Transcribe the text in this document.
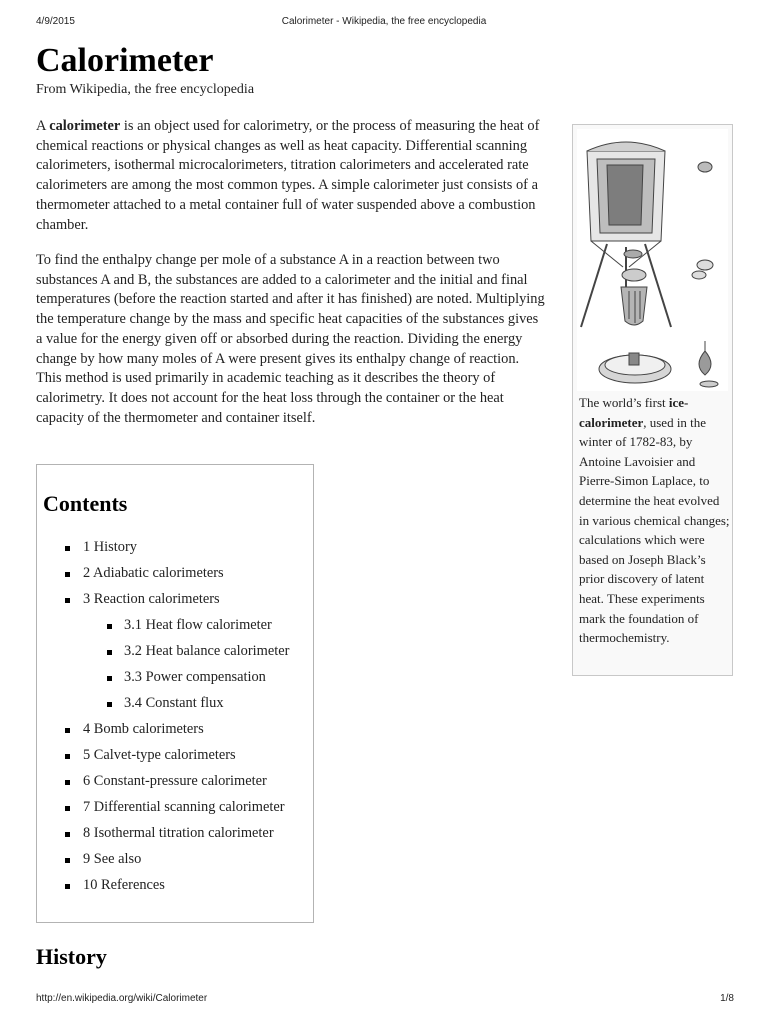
4/9/2015	Calorimeter - Wikipedia, the free encyclopedia
Calorimeter
From Wikipedia, the free encyclopedia

A calorimeter is an object used for calorimetry, or the process of measuring the heat of chemical reactions or physical changes as well as heat capacity. Differential scanning calorimeters, isothermal microcalorimeters, titration calorimeters and accelerated rate calorimeters are among the most common types. A simple calorimeter just consists of a thermometer attached to a metal container full of water suspended above a combustion chamber.

To find the enthalpy change per mole of a substance A in a reaction between two substances A and B, the substances are added to a calorimeter and the initial and final temperatures (before the reaction started and after it has finished) are noted. Multiplying the temperature change by the mass and specific heat capacities of the substances gives a value for the energy given off or absorbed during the reaction. Dividing the energy change by how many moles of A were present gives its enthalpy change of reaction. This method is used primarily in academic teaching as it describes the theory of calorimetry. It does not account for the heat loss through the container or the heat capacity of the thermometer and container itself.

Contents
1 History
2 Adiabatic calorimeters
3 Reaction calorimeters
3.1 Heat flow calorimeter
3.2 Heat balance calorimeter
3.3 Power compensation
3.4 Constant flux
4 Bomb calorimeters
5 Calvet-type calorimeters
6 Constant-pressure calorimeter
7 Differential scanning calorimeter
8 Isothermal titration calorimeter
9 See also
10 References
History
The world’s first ice-calorimeter, used in the winter of 1782-83, by Antoine Lavoisier and Pierre-Simon Laplace, to determine the heat evolved in various chemical changes; calculations which were based on Joseph Black’s prior discovery of latent heat. These experiments mark the foundation of thermochemistry.
http://en.wikipedia.org/wiki/Calorimeter	1/8
